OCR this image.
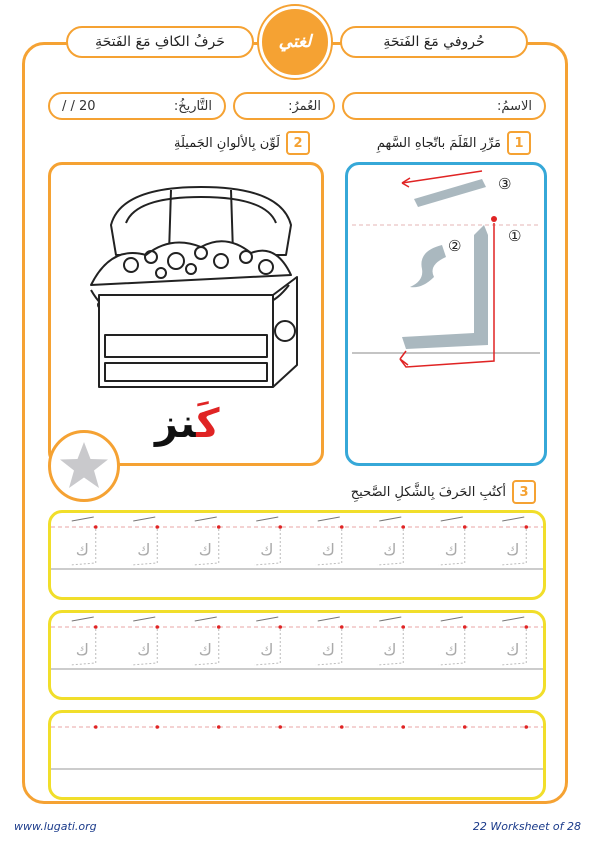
حَرفُ الكافِ مَعَ الفَتحَةِ	حُروفي مَعَ الفَتحَةِ
لغتي
الاسمُ:
العُمرُ:
التَّاريخُ:
/ / 20
1
مَرِّرِ القَلَمَ باتّجاهِ السَّهمِ
2
لَوِّن بِالألوانِ الجَميلَةِ
كَنز
③
①
②
3
أكتُبِ الحَرفَ بِالشَّكلِ الصَّحيحِ
ك	ك	ك	ك	ك	ك	ك	ك
ك	ك	ك	ك	ك	ك	ك	ك
www.lugati.org	22 Worksheet of 28
